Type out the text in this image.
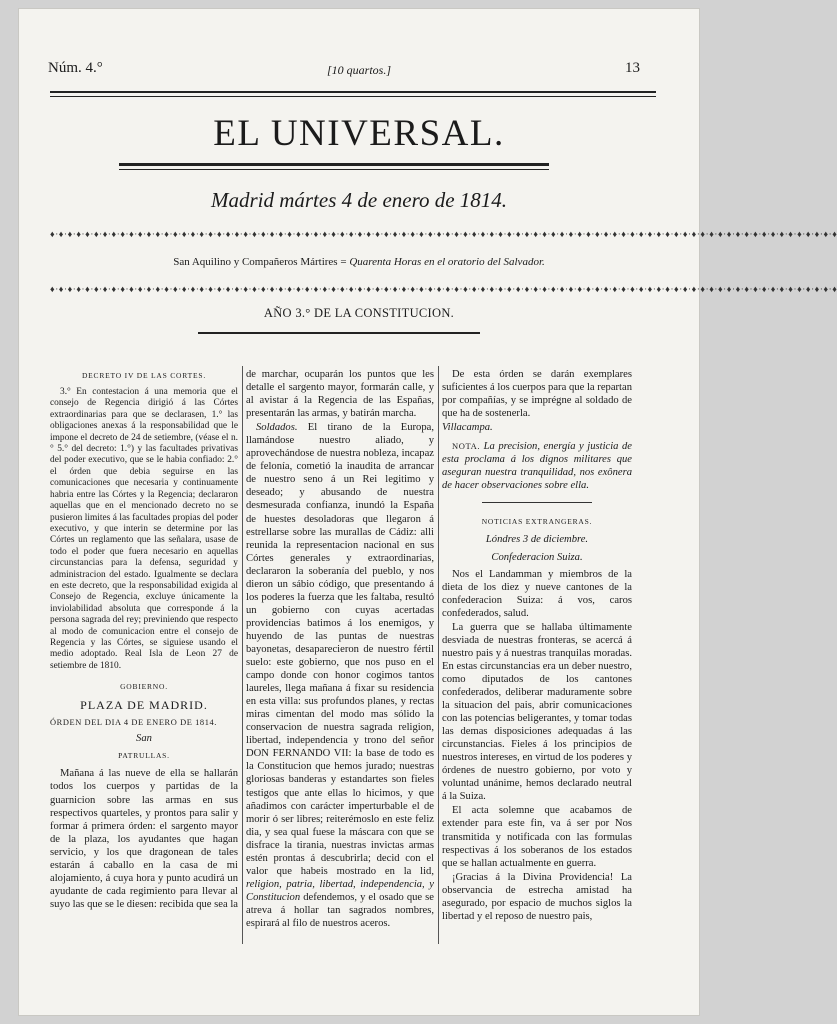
Núm. 4.°	[10 quartos.]	13
EL UNIVERSAL.
Madrid mártes 4 de enero de 1814.
♦·♦·♦·♦·♦·♦·♦·♦·♦·♦·♦·♦·♦·♦·♦·♦·♦·♦·♦·♦·♦·♦·♦·♦·♦·♦·♦·♦·♦·♦·♦·♦·♦·♦·♦·♦·♦·♦·♦·♦·♦·♦·♦·♦·♦·♦·♦·♦·♦·♦·♦·♦·♦·♦·♦·♦·♦·♦·♦·♦·♦·♦·♦·♦·♦·♦·♦·♦·♦·♦·♦·♦·♦·♦·♦·♦·♦·♦·♦·♦·♦·♦·♦·♦·♦·♦·♦·♦·♦·♦
San Aquilino y Compañeros Mártires = Quarenta Horas en el oratorio del Salvador.
♦·♦·♦·♦·♦·♦·♦·♦·♦·♦·♦·♦·♦·♦·♦·♦·♦·♦·♦·♦·♦·♦·♦·♦·♦·♦·♦·♦·♦·♦·♦·♦·♦·♦·♦·♦·♦·♦·♦·♦·♦·♦·♦·♦·♦·♦·♦·♦·♦·♦·♦·♦·♦·♦·♦·♦·♦·♦·♦·♦·♦·♦·♦·♦·♦·♦·♦·♦·♦·♦·♦·♦·♦·♦·♦·♦·♦·♦·♦·♦·♦·♦·♦·♦·♦·♦·♦·♦·♦·♦
AÑO 3.° DE LA CONSTITUCION.

DECRETO IV DE LAS CORTES.

3.° En contestacion á una memoria que el consejo de Regencia dirigió á las Córtes extraordinarias para que se declarasen, 1.° las obligaciones anexas á la responsabilidad que le impone el decreto de 24 de setiembre, (véase el n.° 5.° del decreto: 1.°) y las facultades privativas del poder executivo, que se le habia confiado: 2.° el órden que debia seguirse en las comunicaciones que necesaria y continuamente habria entre las Córtes y la Regencia; declararon aquellas que en el mencionado decreto no se pusieron limites á las facultades propias del poder executivo, y que interin se determine por las Córtes un reglamento que las señalara, usase de todo el poder que fuera necesario en aquellas circunstancias para la defensa, seguridad y administracion del estado. Igualmente se declara en este decreto, que la responsabilidad exigida al Consejo de Regencia, excluye únicamente la inviolabilidad absoluta que corresponde á la persona sagrada del rey; previniendo que respecto al modo de comunicacion entre el consejo de Regencia y las Córtes, se siguiese usando el medio adoptado. Real Isla de Leon 27 de setiembre de 1810.

GOBIERNO.

PLAZA DE MADRID.

ÓRDEN DEL DIA 4 DE ENERO DE 1814.

San

PATRULLAS.

Mañana á las nueve de ella se hallarán todos los cuerpos y partidas de la guarnicion sobre las armas en sus respectivos quarteles, y prontos para salir y formar á primera órden: el sargento mayor de la plaza, los ayudantes que hagan servicio, y los que dragonean de tales estarán á caballo en la casa de mi alojamiento, á cuya hora y punto acudirá un ayudante de cada regimiento para llevar al suyo las que se le diesen: recibida que sea la

de marchar, ocuparán los puntos que les detalle el sargento mayor, formarán calle, y al avistar á la Regencia de las Españas, presentarán las armas, y batirán marcha.

Soldados. El tirano de la Europa, llamándose nuestro aliado, y aprovechándose de nuestra nobleza, incapaz de felonía, cometió la inaudita de arrancar de nuestro seno á un Rei legitimo y deseado; y abusando de nuestra desmesurada confianza, inundó la España de huestes desoladoras que llegaron á estrellarse sobre las murallas de Cádiz: alli reunida la representacion nacional en sus Córtes generales y extraordinarias, declararon la soberanía del pueblo, y nos dieron un sábio código, que presentando á los poderes la fuerza que les faltaba, resultó un gobierno con cuyas acertadas providencias batimos á los enemigos, y huyendo de las puntas de nuestras bayonetas, desaparecieron de nuestro fértil suelo: este gobierno, que nos puso en el campo donde con honor cogimos tantos laureles, llega mañana á fixar su residencia en esta villa: sus profundos planes, y rectas miras cimentan del modo mas sólido la conservacion de nuestra sagrada religion, libertad, independencia y trono del señor DON FERNANDO VII: la base de todo es la Constitucion que hemos jurado; nuestras gloriosas banderas y estandartes son fieles testigos que ante ellas lo hicimos, y que añadimos con carácter imperturbable el de morir ó ser libres; reiterémoslo en este feliz dia, y sea qual fuese la máscara con que se disfrace la tirania, nuestras invictas armas estén prontas á descubrirla; decid con el valor que habeis mostrado en la lid, religion, patria, libertad, independencia, y Constitucion defendemos, y el osado que se atreva á hollar tan sagrados nombres, espirará al filo de nuestros aceros.

De esta órden se darán exemplares suficientes á los cuerpos para que la repartan por compañías, y se imprégne al soldado de que ha de sostenerla.

Villacampa.

NOTA. La precision, energía y justicia de esta proclama á los dignos militares que aseguran nuestra tranquilidad, nos exônera de hacer observaciones sobre ella.

NOTICIAS EXTRANGERAS.

Lóndres 3 de diciembre.

Confederacion Suiza.

Nos el Landamman y miembros de la dieta de los diez y nueve cantones de la confederacion Suiza: á vos, caros confederados, salud.

La guerra que se hallaba últimamente desviada de nuestras fronteras, se acercá á nuestro pais y á nuestras tranquilas moradas. En estas circunstancias era un deber nuestro, como diputados de los cantones confederados, deliberar maduramente sobre la situacion del pais, abrir comunicaciones con las potencias beligerantes, y tomar todas las demas disposiciones adequadas á las circunstancias. Fieles á los principios de nuestros intereses, en virtud de los poderes y órdenes de nuestro gobierno, por voto y voluntad unánime, hemos declarado neutral á la Suiza.

El acta solemne que acabamos de extender para este fin, va á ser por Nos transmitida y notificada con las formulas respectivas á los soberanos de los estados que se hallan actualmente en guerra.

¡Gracias á la Divina Providencia! La observancia de estrecha amistad ha asegurado, por espacio de muchos siglos la libertad y el reposo de nuestro pais,
